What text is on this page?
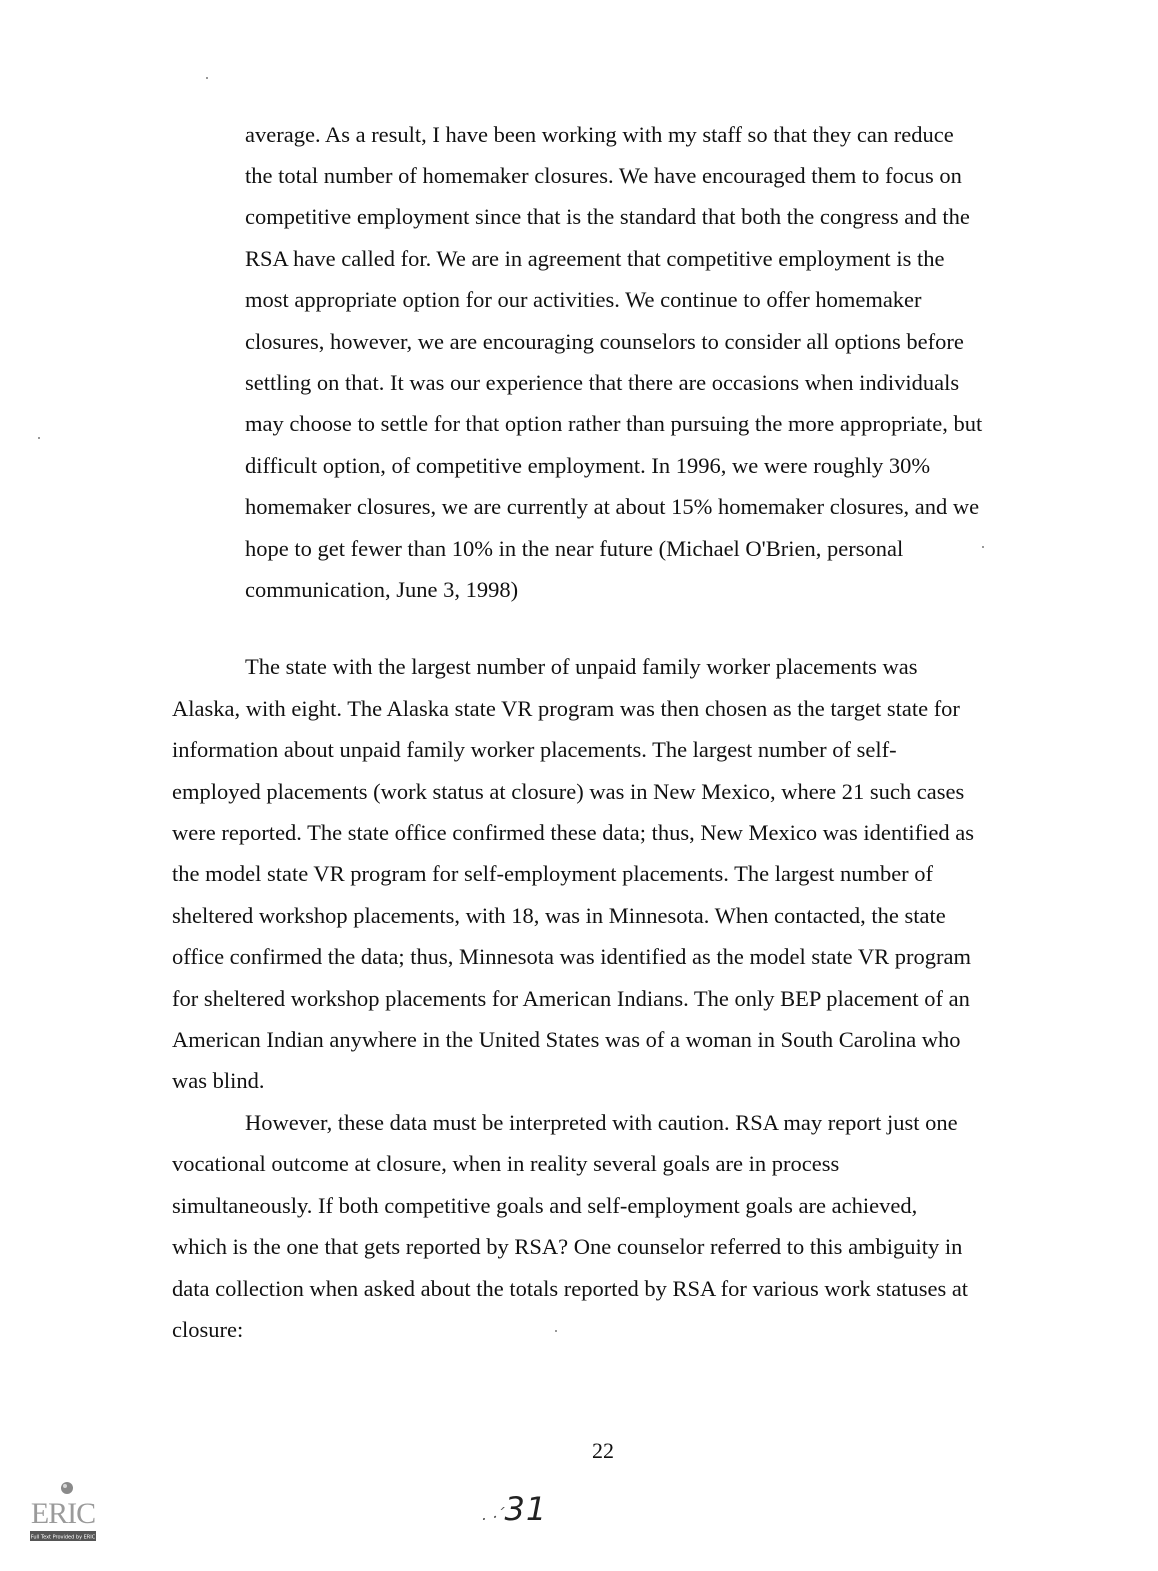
average. As a result, I have been working with my staff so that they can reduce
the total number of homemaker closures. We have encouraged them to focus on
competitive employment since that is the standard that both the congress and the
RSA have called for. We are in agreement that competitive employment is the
most appropriate option for our activities. We continue to offer homemaker
closures, however, we are encouraging counselors to consider all options before
settling on that. It was our experience that there are occasions when individuals
may choose to settle for that option rather than pursuing the more appropriate, but
difficult option, of competitive employment. In 1996, we were roughly 30%
homemaker closures, we are currently at about 15% homemaker closures, and we
hope to get fewer than 10% in the near future (Michael O'Brien, personal
communication, June 3, 1998)
The state with the largest number of unpaid family worker placements was
Alaska, with eight. The Alaska state VR program was then chosen as the target state for
information about unpaid family worker placements. The largest number of self-
employed placements (work status at closure) was in New Mexico, where 21 such cases
were reported. The state office confirmed these data; thus, New Mexico was identified as
the model state VR program for self-employment placements. The largest number of
sheltered workshop placements, with 18, was in Minnesota. When contacted, the state
office confirmed the data; thus, Minnesota was identified as the model state VR program
for sheltered workshop placements for American Indians. The only BEP placement of an
American Indian anywhere in the United States was of a woman in South Carolina who
was blind.
However, these data must be interpreted with caution. RSA may report just one
vocational outcome at closure, when in reality several goals are in process
simultaneously. If both competitive goals and self-employment goals are achieved,
which is the one that gets reported by RSA? One counselor referred to this ambiguity in
data collection when asked about the totals reported by RSA for various work statuses at
closure:
22
. ⸳´31
ERIC
Full Text Provided by ERIC
